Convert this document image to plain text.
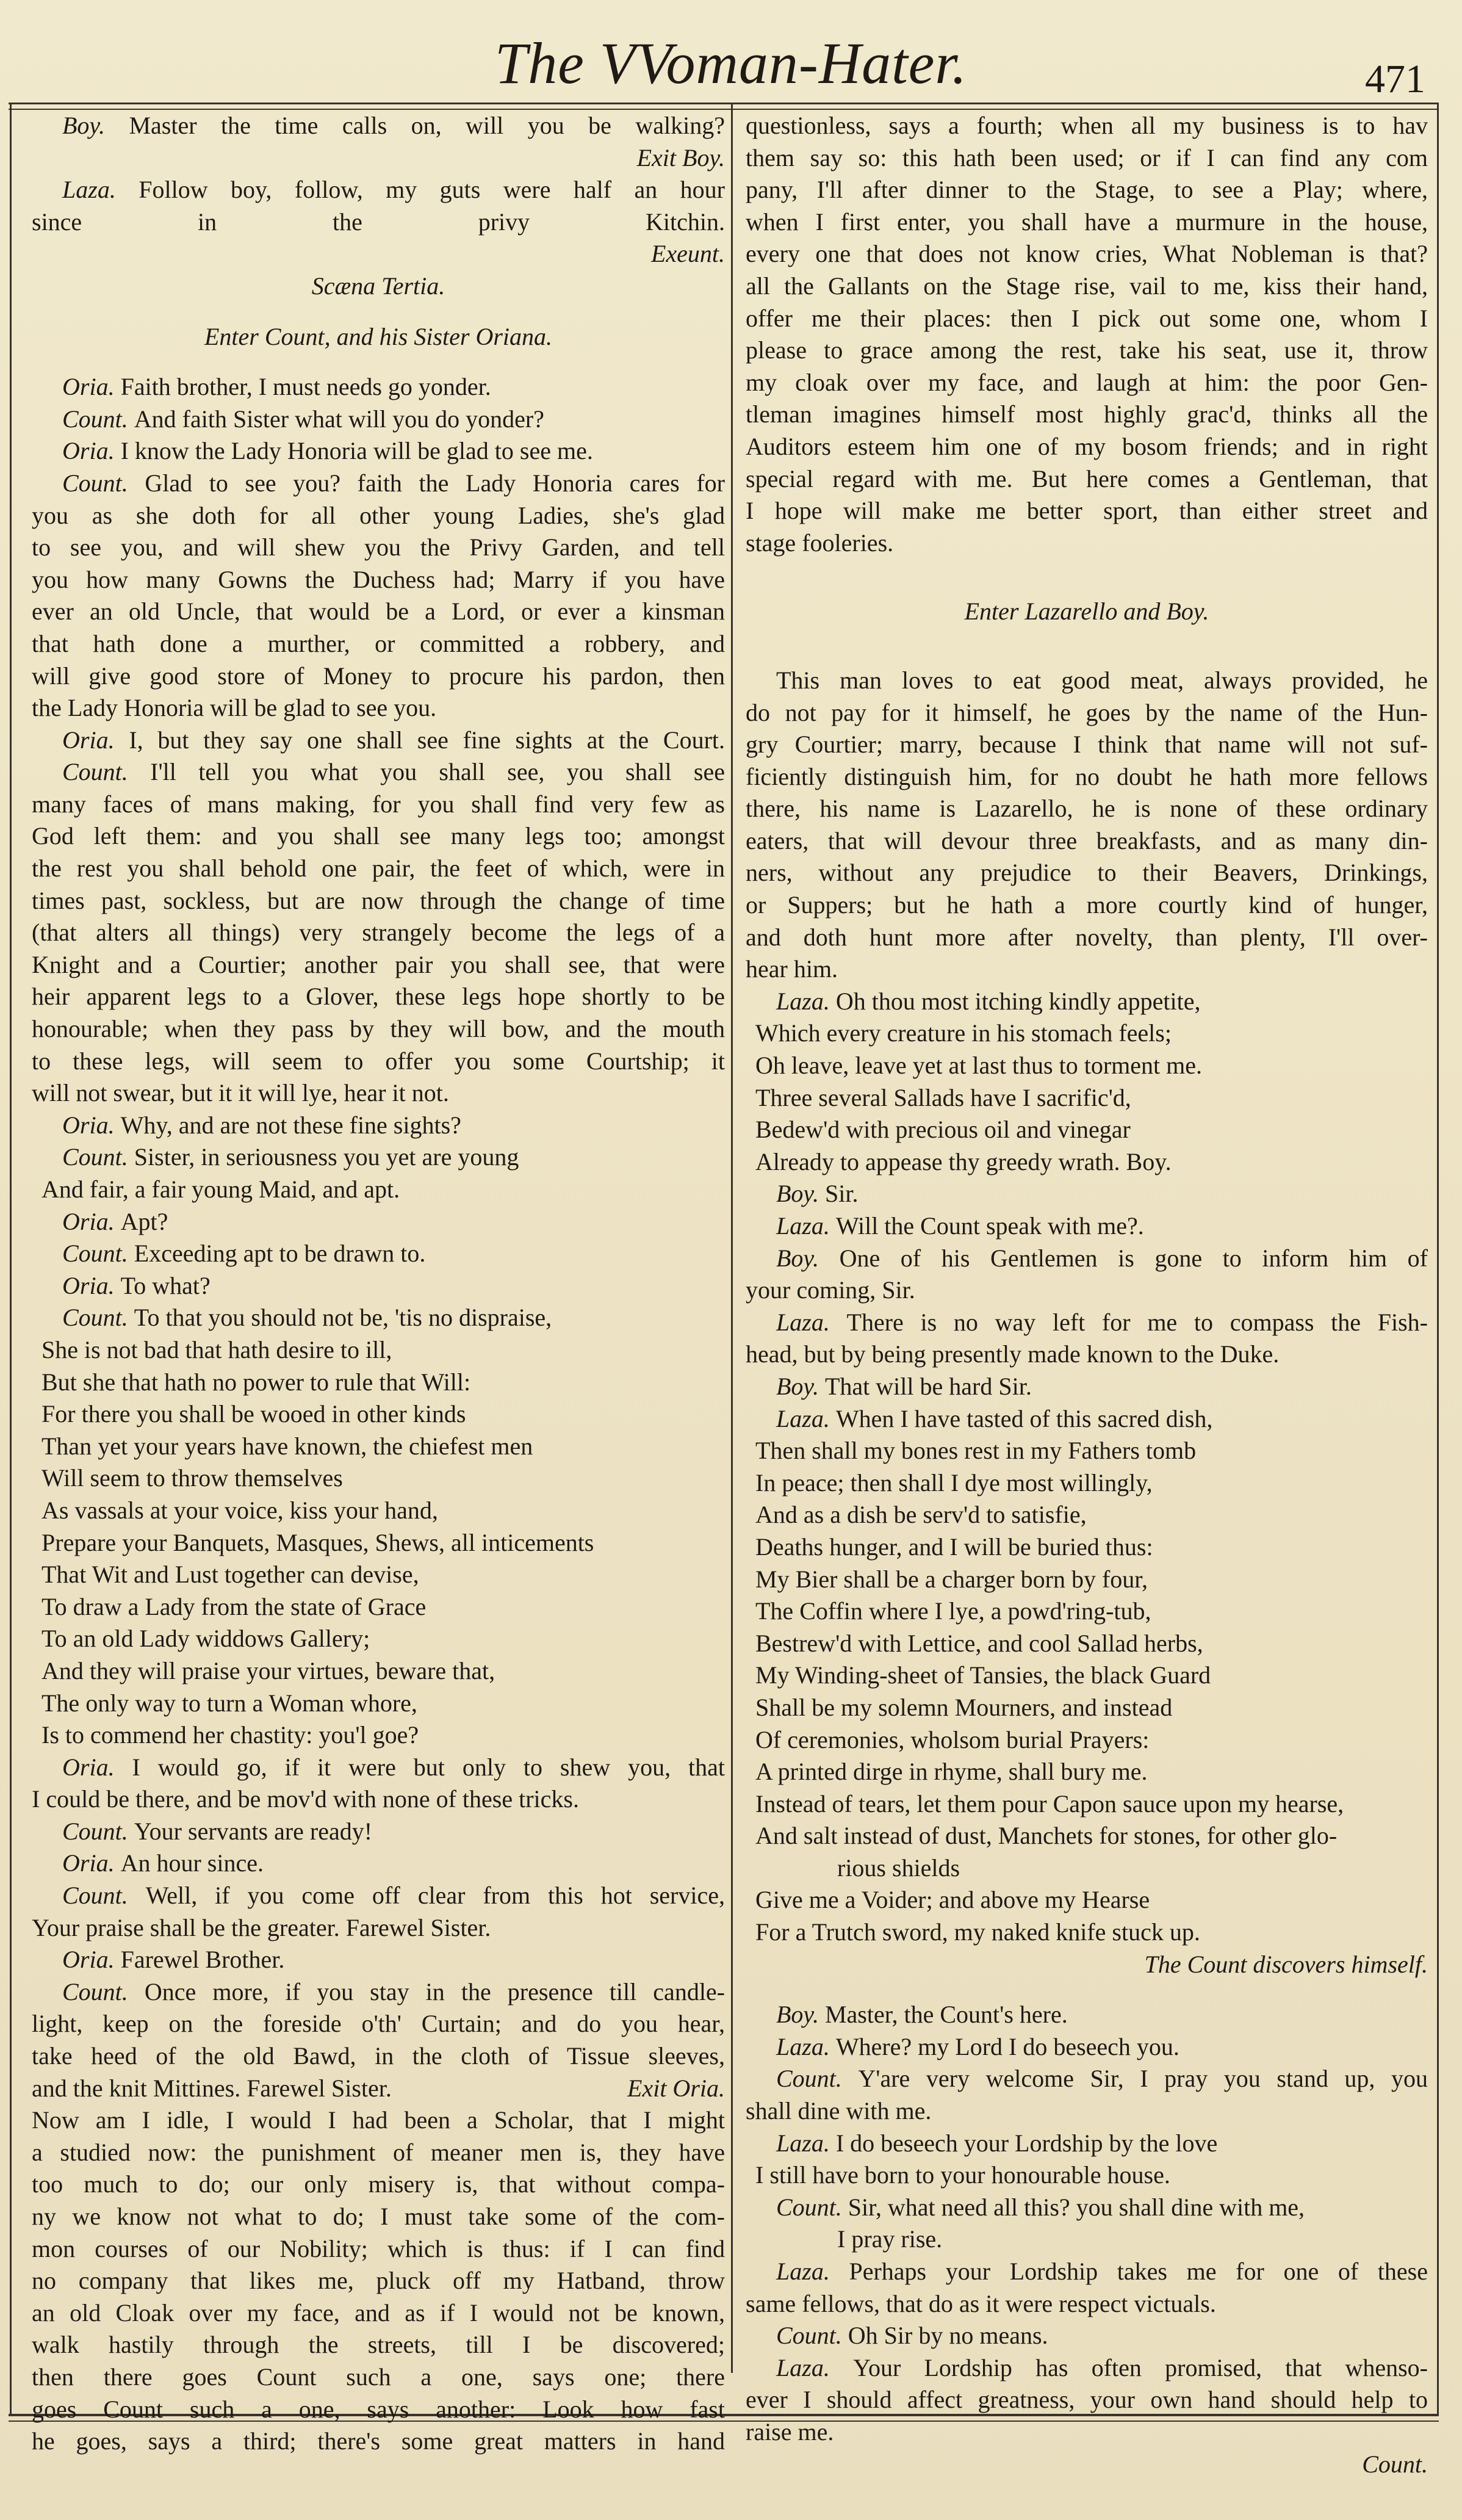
The VVoman-Hater.	471
Boy. Master the time calls on, will you be walking?
Exit Boy.
Laza. Follow boy, follow, my guts were half an hour
since in the privy Kitchin.
Exeunt.
Scæna Tertia.
Enter Count, and his Sister Oriana.
Oria. Faith brother, I must needs go yonder.
Count. And faith Sister what will you do yonder?
Oria. I know the Lady Honoria will be glad to see me.
Count. Glad to see you? faith the Lady Honoria cares for
you as she doth for all other young Ladies, she's glad
to see you, and will shew you the Privy Garden, and tell
you how many Gowns the Duchess had; Marry if you have
ever an old Uncle, that would be a Lord, or ever a kinsman
that hath done a murther, or committed a robbery, and
will give good store of Money to procure his pardon, then
the Lady Honoria will be glad to see you.
Oria. I, but they say one shall see fine sights at the Court.
Count. I'll tell you what you shall see, you shall see
many faces of mans making, for you shall find very few as
God left them: and you shall see many legs too; amongst
the rest you shall behold one pair, the feet of which, were in
times past, sockless, but are now through the change of time
(that alters all things) very strangely become the legs of a
Knight and a Courtier; another pair you shall see, that were
heir apparent legs to a Glover, these legs hope shortly to be
honourable; when they pass by they will bow, and the mouth
to these legs, will seem to offer you some Courtship; it
will not swear, but it it will lye, hear it not.
Oria. Why, and are not these fine sights?
Count. Sister, in seriousness you yet are young
And fair, a fair young Maid, and apt.
Oria. Apt?
Count. Exceeding apt to be drawn to.
Oria. To what?
Count. To that you should not be, 'tis no dispraise,
She is not bad that hath desire to ill,
But she that hath no power to rule that Will:
For there you shall be wooed in other kinds
Than yet your years have known, the chiefest men
Will seem to throw themselves
As vassals at your voice, kiss your hand,
Prepare your Banquets, Masques, Shews, all inticements
That Wit and Lust together can devise,
To draw a Lady from the state of Grace
To an old Lady widdows Gallery;
And they will praise your virtues, beware that,
The only way to turn a Woman whore,
Is to commend her chastity: you'l goe?
Oria. I would go, if it were but only to shew you, that
I could be there, and be mov'd with none of these tricks.
Count. Your servants are ready!
Oria. An hour since.
Count. Well, if you come off clear from this hot service,
Your praise shall be the greater. Farewel Sister.
Oria. Farewel Brother.
Count. Once more, if you stay in the presence till candle-
light, keep on the foreside o'th' Curtain; and do you hear,
take heed of the old Bawd, in the cloth of Tissue sleeves,
and the knit Mittines. Farewel Sister.	Exit Oria.
Now am I idle, I would I had been a Scholar, that I might
a studied now: the punishment of meaner men is, they have
too much to do; our only misery is, that without compa-
ny we know not what to do; I must take some of the com-
mon courses of our Nobility; which is thus: if I can find
no company that likes me, pluck off my Hatband, throw
an old Cloak over my face, and as if I would not be known,
walk hastily through the streets, till I be discovered;
then there goes Count such a one, says one; there
goes Count such a one, says another: Look how fast
he goes, says a third; there's some great matters in hand
questionless, says a fourth; when all my business is to hav
them say so: this hath been used; or if I can find any com
pany, I'll after dinner to the Stage, to see a Play; where,
when I first enter, you shall have a murmure in the house,
every one that does not know cries, What Nobleman is that?
all the Gallants on the Stage rise, vail to me, kiss their hand,
offer me their places: then I pick out some one, whom I
please to grace among the rest, take his seat, use it, throw
my cloak over my face, and laugh at him: the poor Gen-
tleman imagines himself most highly grac'd, thinks all the
Auditors esteem him one of my bosom friends; and in right
special regard with me. But here comes a Gentleman, that
I hope will make me better sport, than either street and
stage fooleries.
Enter Lazarello and Boy.
This man loves to eat good meat, always provided, he
do not pay for it himself, he goes by the name of the Hun-
gry Courtier; marry, because I think that name will not suf-
ficiently distinguish him, for no doubt he hath more fellows
there, his name is Lazarello, he is none of these ordinary
eaters, that will devour three breakfasts, and as many din-
ners, without any prejudice to their Beavers, Drinkings,
or Suppers; but he hath a more courtly kind of hunger,
and doth hunt more after novelty, than plenty, I'll over-
hear him.
Laza. Oh thou most itching kindly appetite,
Which every creature in his stomach feels;
Oh leave, leave yet at last thus to torment me.
Three several Sallads have I sacrific'd,
Bedew'd with precious oil and vinegar
Already to appease thy greedy wrath. Boy.
Boy. Sir.
Laza. Will the Count speak with me?.
Boy. One of his Gentlemen is gone to inform him of
your coming, Sir.
Laza. There is no way left for me to compass the Fish-
head, but by being presently made known to the Duke.
Boy. That will be hard Sir.
Laza. When I have tasted of this sacred dish,
Then shall my bones rest in my Fathers tomb
In peace; then shall I dye most willingly,
And as a dish be serv'd to satisfie,
Deaths hunger, and I will be buried thus:
My Bier shall be a charger born by four,
The Coffin where I lye, a powd'ring-tub,
Bestrew'd with Lettice, and cool Sallad herbs,
My Winding-sheet of Tansies, the black Guard
Shall be my solemn Mourners, and instead
Of ceremonies, wholsom burial Prayers:
A printed dirge in rhyme, shall bury me.
Instead of tears, let them pour Capon sauce upon my hearse,
And salt instead of dust, Manchets for stones, for other glo-
rious shields
Give me a Voider; and above my Hearse
For a Trutch sword, my naked knife stuck up.
The Count discovers himself.
Boy. Master, the Count's here.
Laza. Where? my Lord I do beseech you.
Count. Y'are very welcome Sir, I pray you stand up, you
shall dine with me.
Laza. I do beseech your Lordship by the love
I still have born to your honourable house.
Count. Sir, what need all this? you shall dine with me,
I pray rise.
Laza. Perhaps your Lordship takes me for one of these
same fellows, that do as it were respect victuals.
Count. Oh Sir by no means.
Laza. Your Lordship has often promised, that whenso-
ever I should affect greatness, your own hand should help to
raise me.
Count.
